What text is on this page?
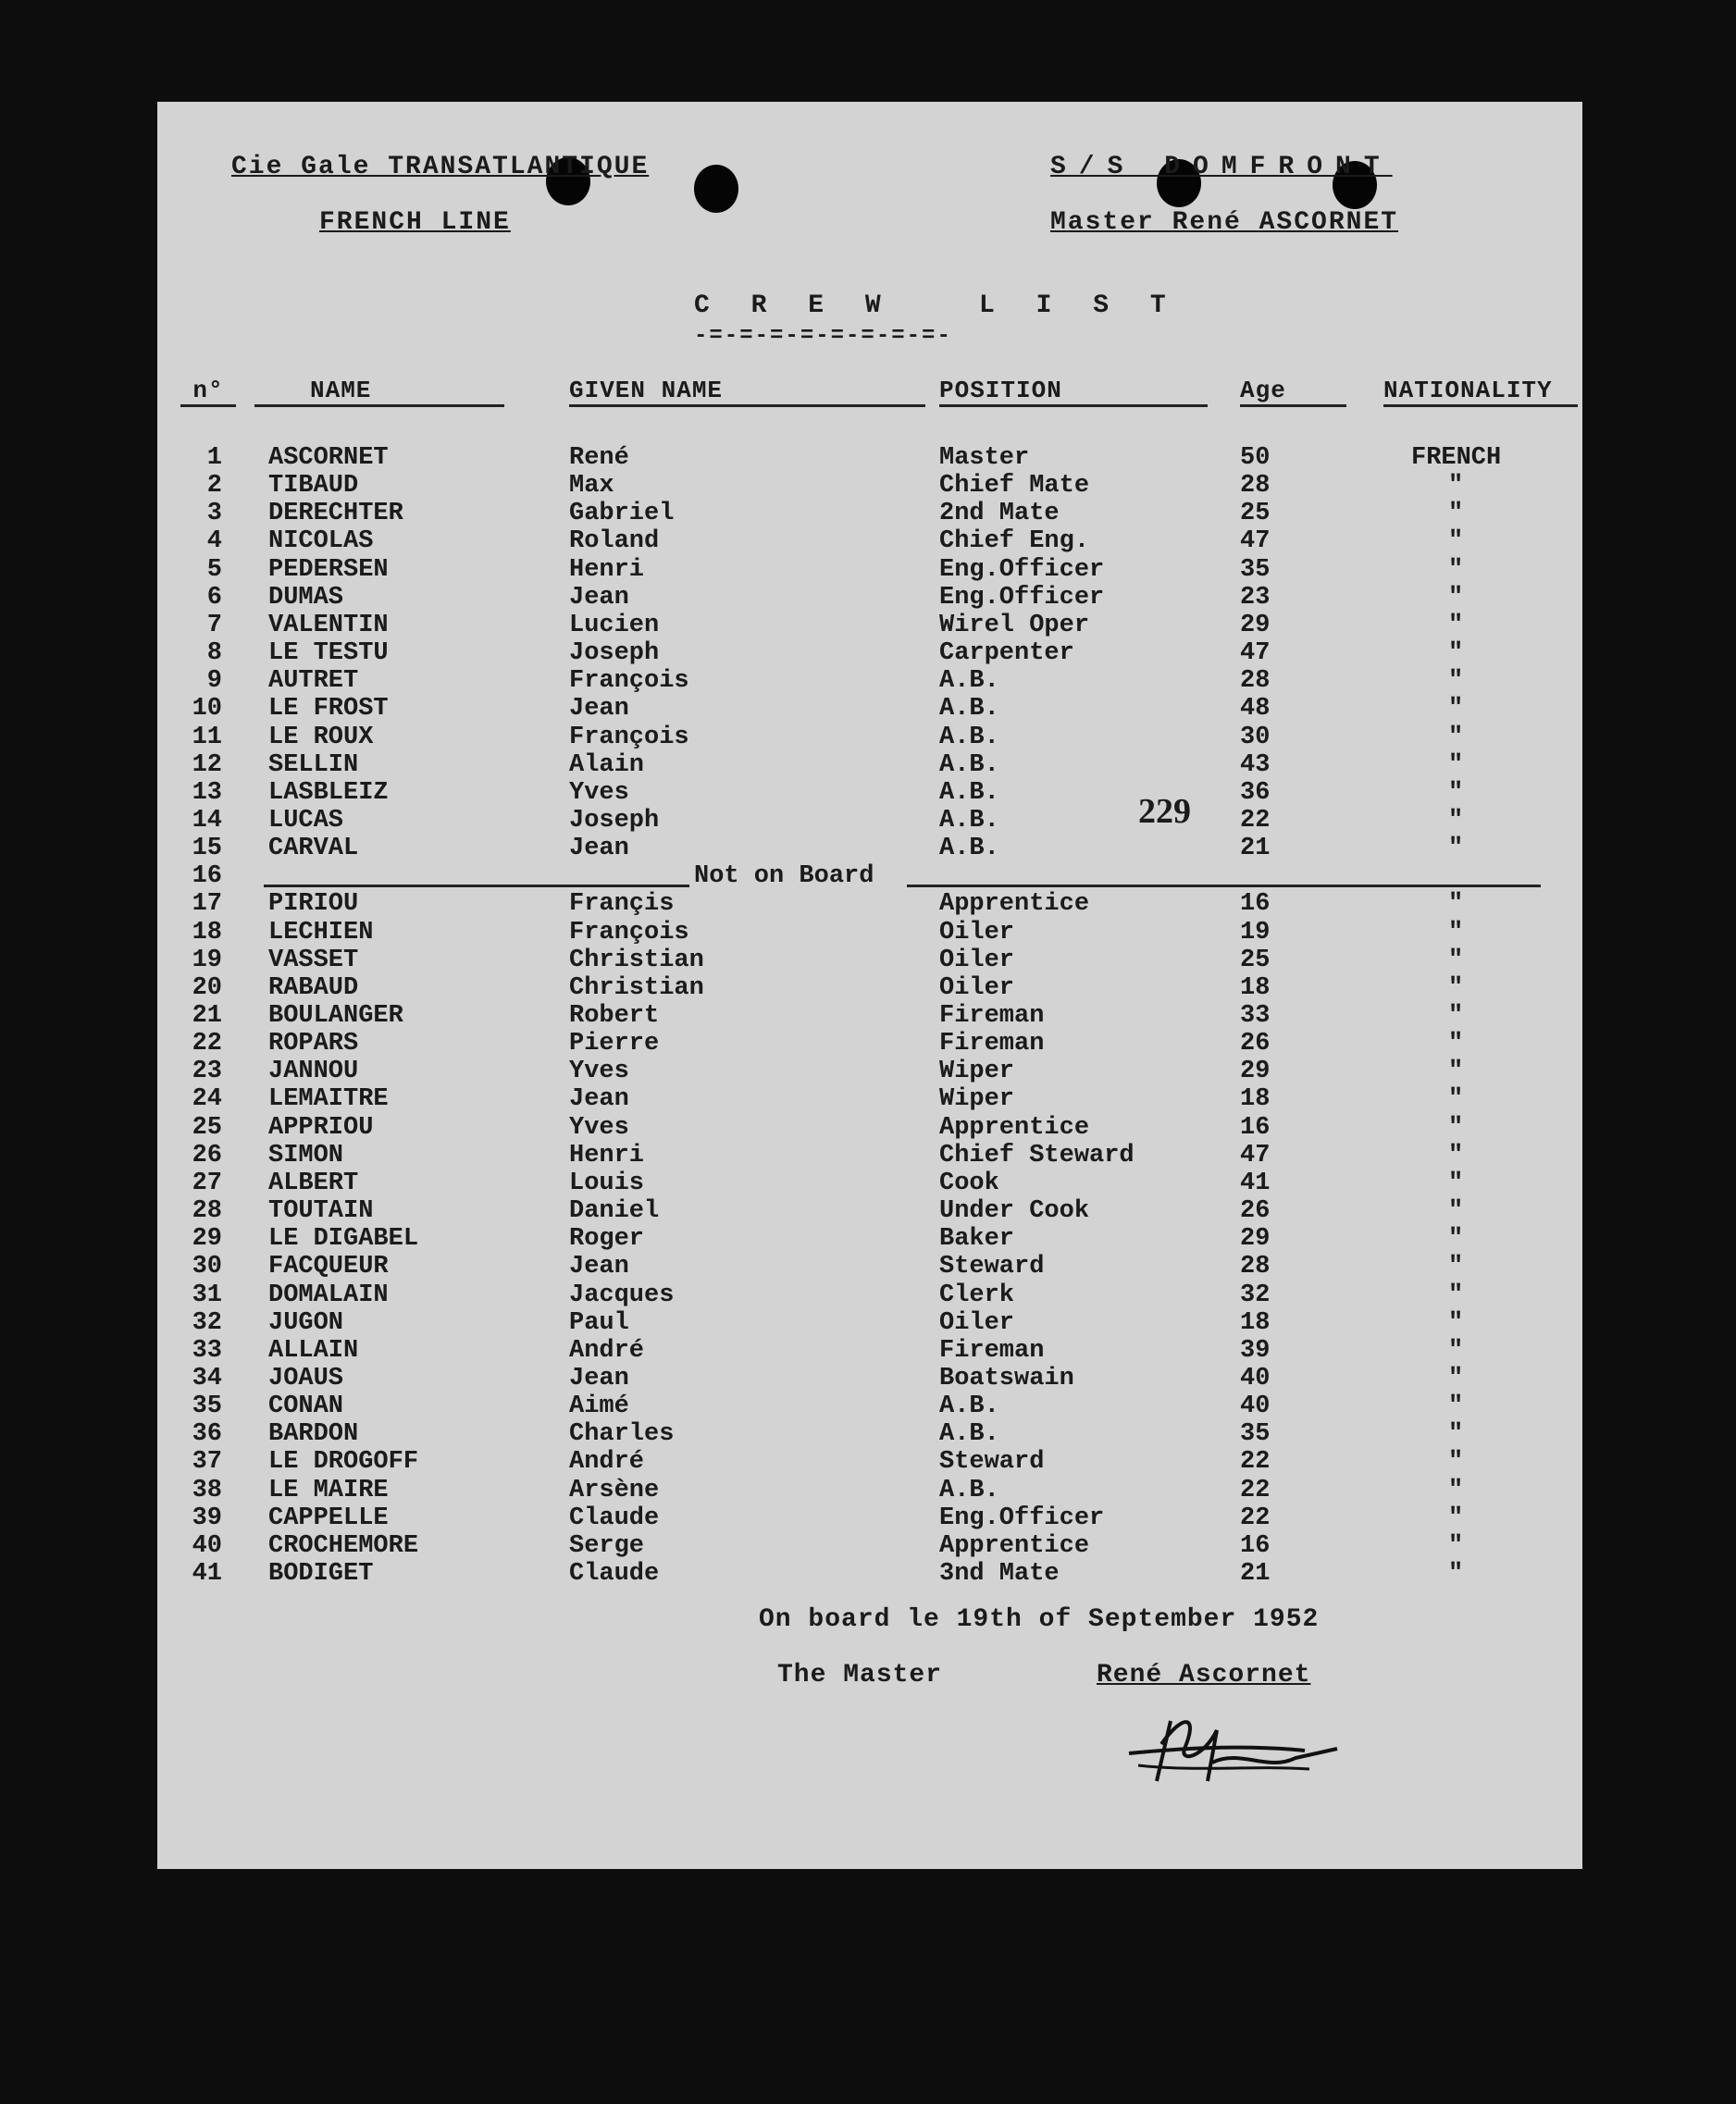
Cie Gale TRANSATLANTIQUE
FRENCH LINE
S/S DOMFRONT
Master René ASCORNET
C R E W   L I S T
-=-=-=-=-=-=-=-=-
n°	NAME	GIVEN NAME	POSITION	Age	NATIONALITY
1 ASCORNET	René	Master	50	FRENCH
2 TIBAUD	Max	Chief Mate	28	"
3 DERECHTER	Gabriel	2nd Mate	25	"
4 NICOLAS	Roland	Chief Eng.	47	"
5 PEDERSEN	Henri	Eng.Officer	35	"
6 DUMAS	Jean	Eng.Officer	23	"
7 VALENTIN	Lucien	Wirel Oper	29	"
8 LE TESTU	Joseph	Carpenter	47	"
9 AUTRET	François	A.B.	28	"
10 LE FROST	Jean	A.B.	48	"
11 LE ROUX	François	A.B.	30	"
12 SELLIN	Alain	A.B.	43	"
13 LASBLEIZ	Yves	A.B.	36	"
14 LUCAS	Joseph	A.B.	22	"
15 CARVAL	Jean	A.B.	21	"
16	Not on Board
17 PIRIOU	Françis	Apprentice	16	"
18 LECHIEN	François	Oiler	19	"
19 VASSET	Christian	Oiler	25	"
20 RABAUD	Christian	Oiler	18	"
21 BOULANGER	Robert	Fireman	33	"
22 ROPARS	Pierre	Fireman	26	"
23 JANNOU	Yves	Wiper	29	"
24 LEMAITRE	Jean	Wiper	18	"
25 APPRIOU	Yves	Apprentice	16	"
26 SIMON	Henri	Chief Steward	47	"
27 ALBERT	Louis	Cook	41	"
28 TOUTAIN	Daniel	Under Cook	26	"
29 LE DIGABEL	Roger	Baker	29	"
30 FACQUEUR	Jean	Steward	28	"
31 DOMALAIN	Jacques	Clerk	32	"
32 JUGON	Paul	Oiler	18	"
33 ALLAIN	André	Fireman	39	"
34 JOAUS	Jean	Boatswain	40	"
35 CONAN	Aimé	A.B.	40	"
36 BARDON	Charles	A.B.	35	"
37 LE DROGOFF	André	Steward	22	"
38 LE MAIRE	Arsène	A.B.	22	"
39 CAPPELLE	Claude	Eng.Officer	22	"
40 CROCHEMORE	Serge	Apprentice	16	"
41 BODIGET	Claude	3nd Mate	21	"
229
On board le 19th of September 1952
The Master	René Ascornet
